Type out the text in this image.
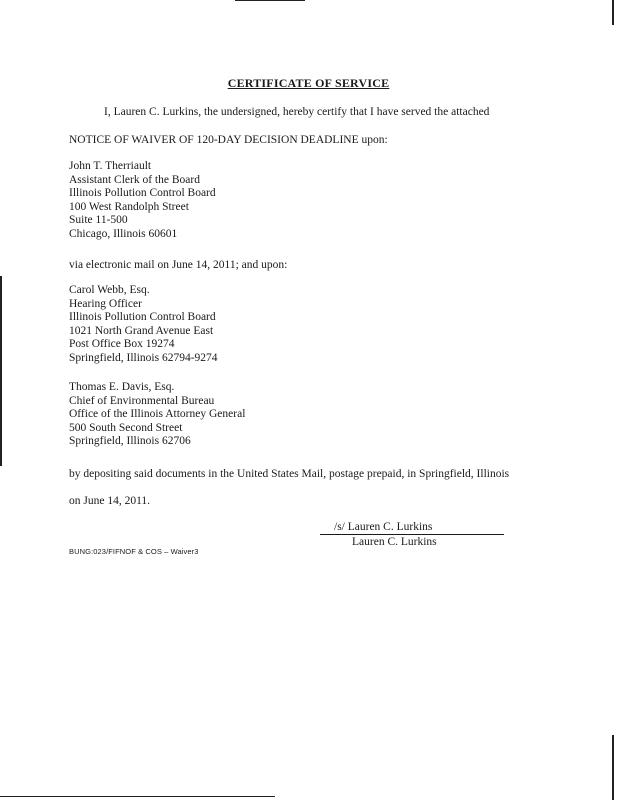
CERTIFICATE OF SERVICE
I, Lauren C. Lurkins, the undersigned, hereby certify that I have served the attached
NOTICE OF WAIVER OF 120-DAY DECISION DEADLINE upon:
John T. Therriault
Assistant Clerk of the Board
Illinois Pollution Control Board
100 West Randolph Street
Suite 11-500
Chicago, Illinois 60601
via electronic mail on June 14, 2011; and upon:
Carol Webb, Esq.
Hearing Officer
Illinois Pollution Control Board
1021 North Grand Avenue East
Post Office Box 19274
Springfield, Illinois 62794-9274
Thomas E. Davis, Esq.
Chief of Environmental Bureau
Office of the Illinois Attorney General
500 South Second Street
Springfield, Illinois 62706
by depositing said documents in the United States Mail, postage prepaid, in Springfield, Illinois
on June 14, 2011.
/s/ Lauren C. Lurkins
Lauren C. Lurkins
BUNG:023/FIFNOF & COS – Waiver3
